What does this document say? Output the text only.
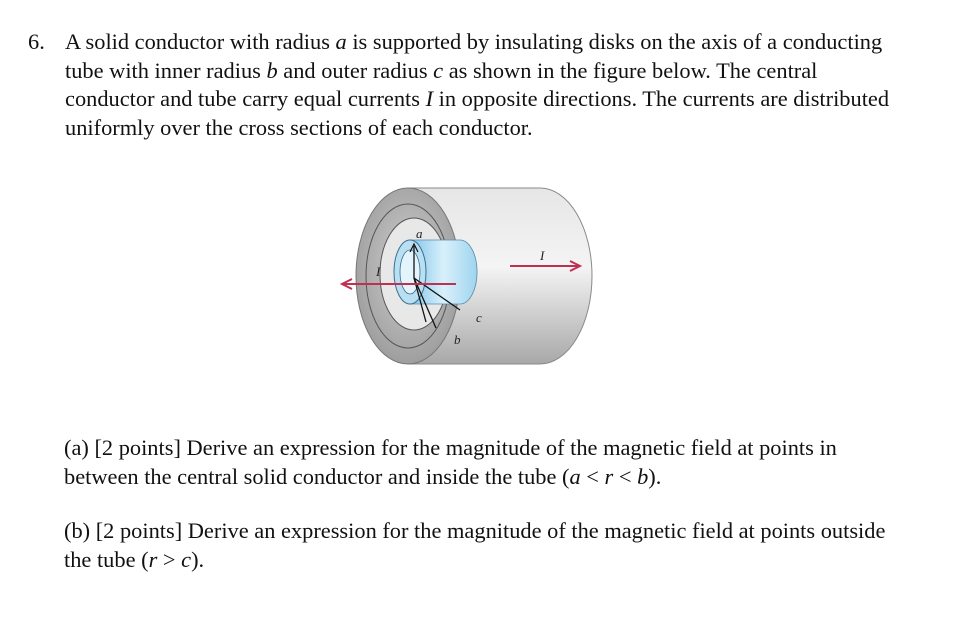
6. A solid conductor with radius a is supported by insulating disks on the axis of a conducting
tube with inner radius b and outer radius c as shown in the figure below. The central
conductor and tube carry equal currents I in opposite directions. The currents are distributed
uniformly over the cross sections of each conductor.
a
b
c
I
I
(a) [2 points] Derive an expression for the magnitude of the magnetic field at points in
between the central solid conductor and inside the tube (a < r < b).
(b) [2 points] Derive an expression for the magnitude of the magnetic field at points outside
the tube (r > c).
